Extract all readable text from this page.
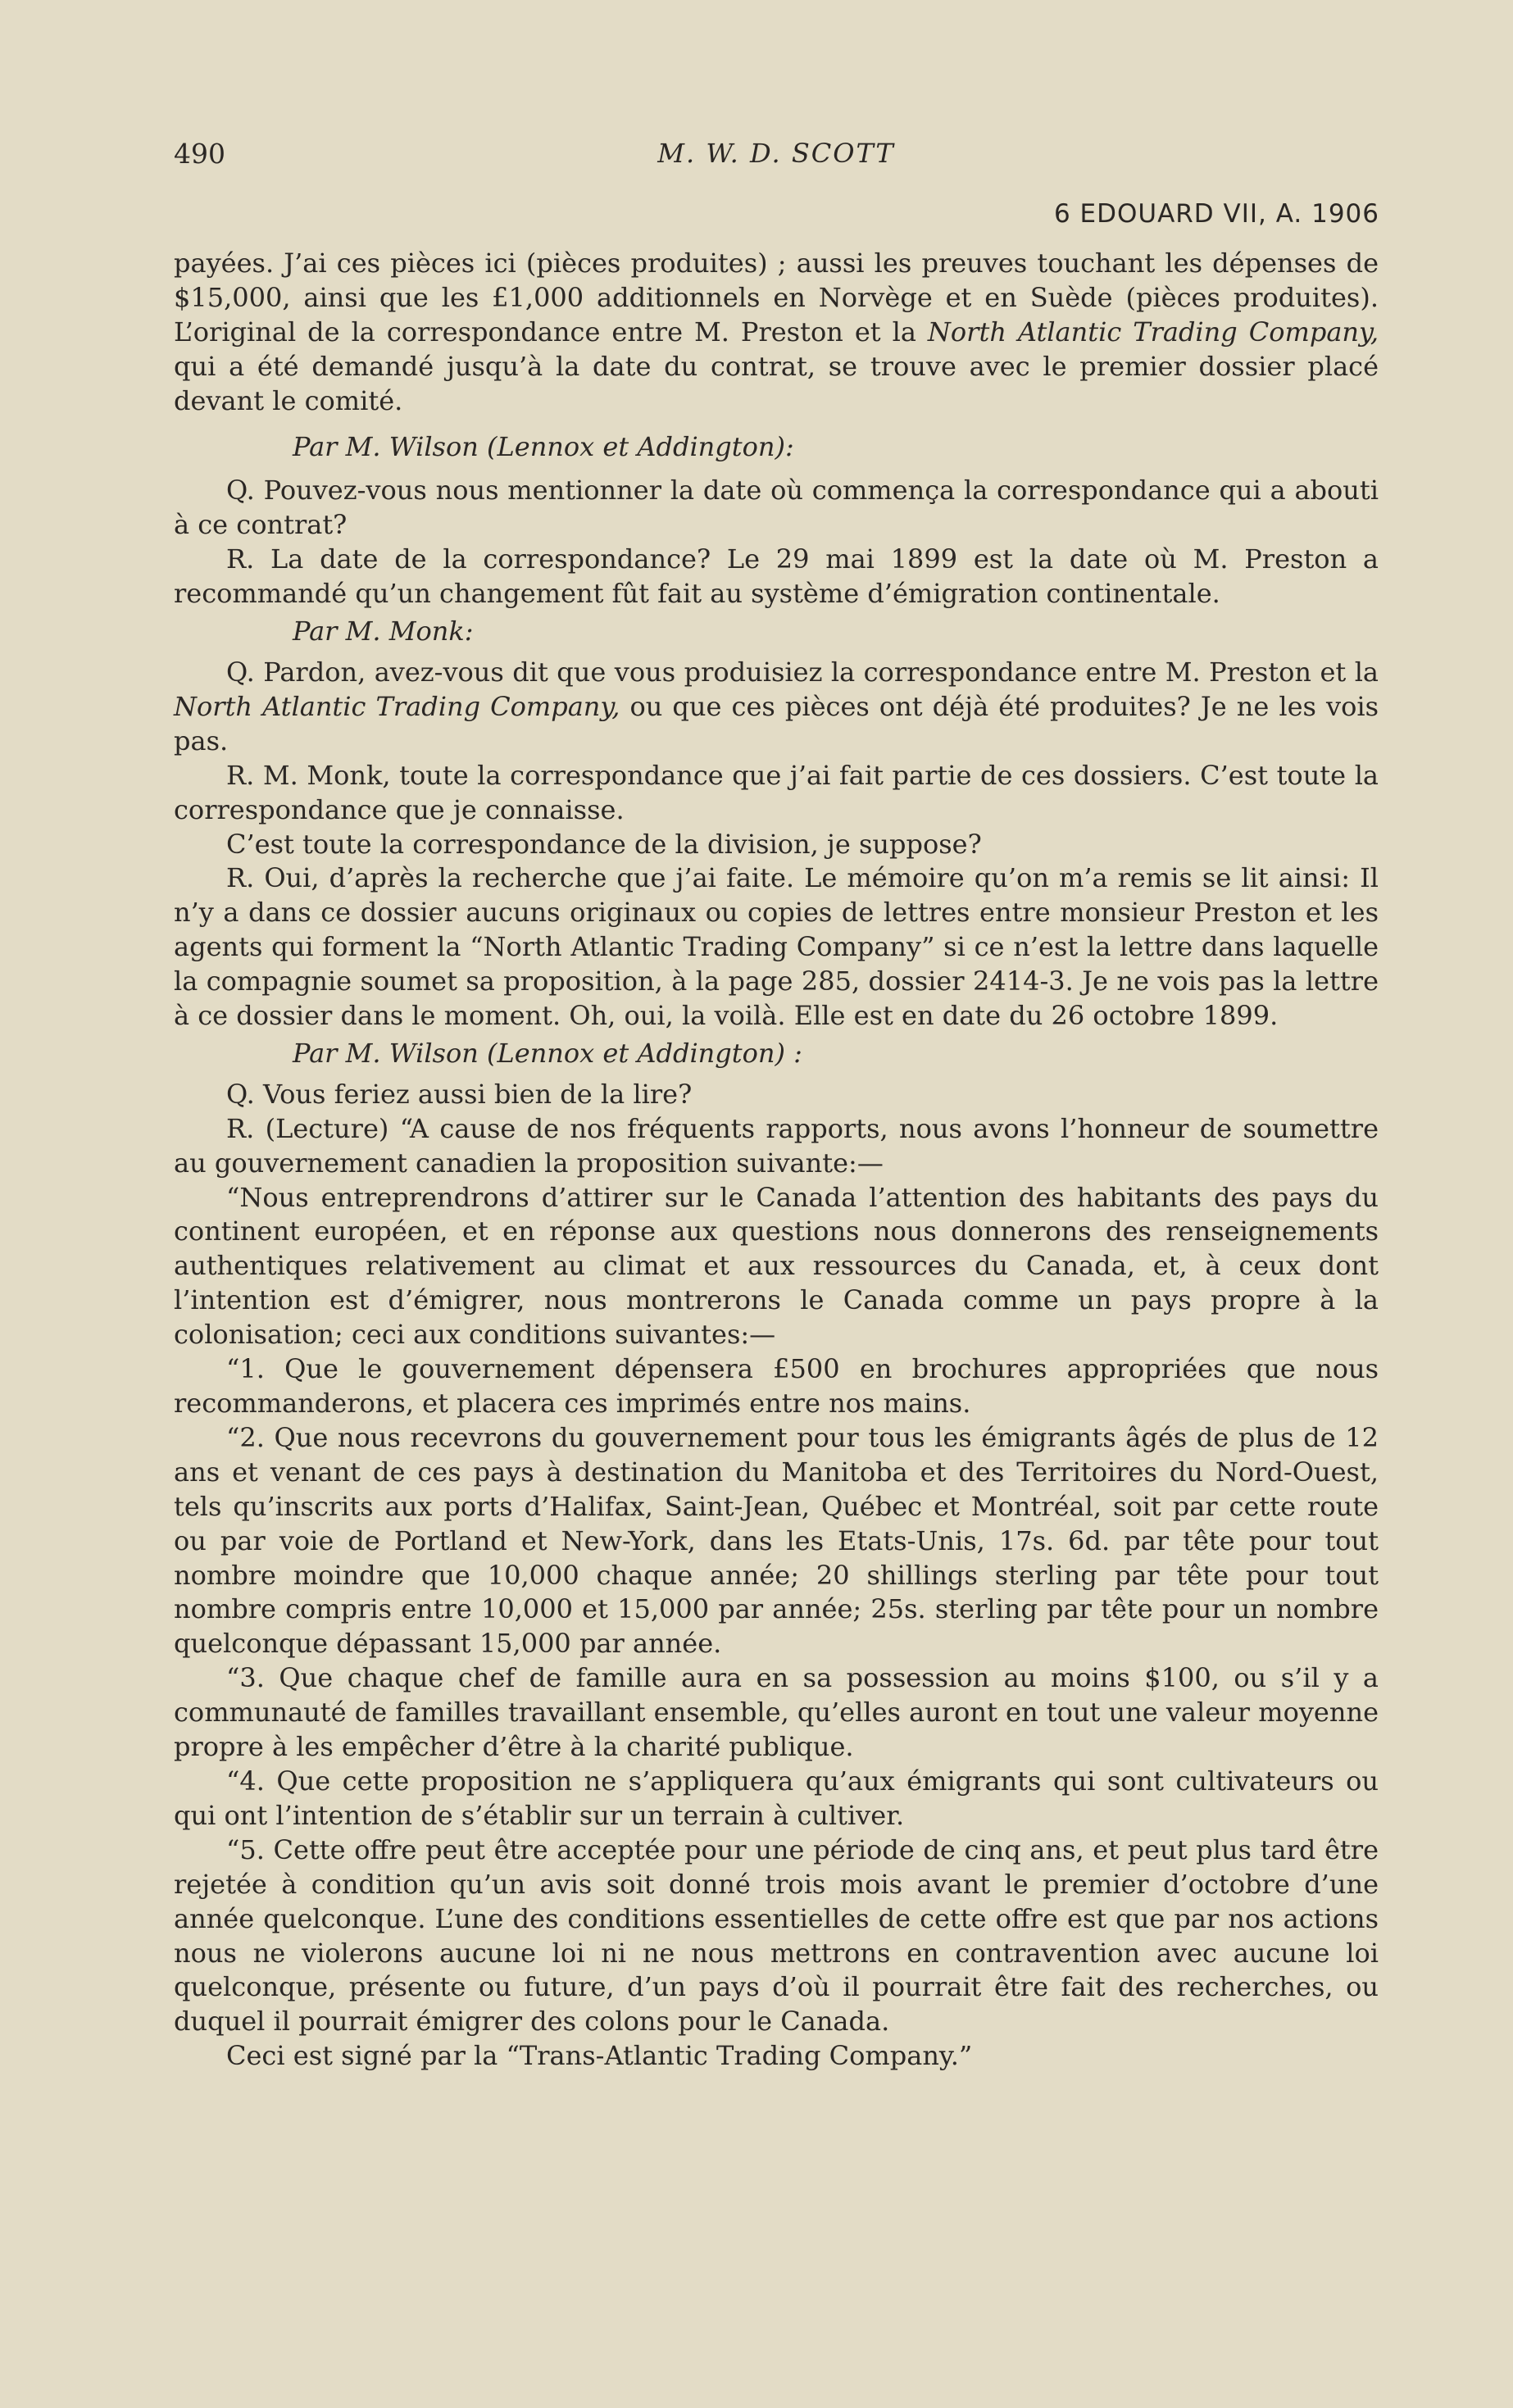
490	M. W. D. SCOTT
6 EDOUARD VII, A. 1906

payées. J’ai ces pièces ici (pièces produites) ; aussi les preuves touchant les dépenses de $15,000, ainsi que les £1,000 additionnels en Norvège et en Suède (pièces produites). L’original de la correspondance entre M. Preston et la North Atlantic Trading Company, qui a été demandé jusqu’à la date du contrat, se trouve avec le premier dossier placé devant le comité.

Par M. Wilson (Lennox et Addington):

Q. Pouvez-vous nous mentionner la date où commença la correspondance qui a abouti à ce contrat?

R. La date de la correspondance? Le 29 mai 1899 est la date où M. Preston a recommandé qu’un changement fût fait au système d’émigration continentale.

Par M. Monk:

Q. Pardon, avez-vous dit que vous produisiez la correspondance entre M. Preston et la North Atlantic Trading Company, ou que ces pièces ont déjà été produites? Je ne les vois pas.

R. M. Monk, toute la correspondance que j’ai fait partie de ces dossiers. C’est toute la correspondance que je connaisse.

C’est toute la correspondance de la division, je suppose?

R. Oui, d’après la recherche que j’ai faite. Le mémoire qu’on m’a remis se lit ainsi: Il n’y a dans ce dossier aucuns originaux ou copies de lettres entre monsieur Preston et les agents qui forment la “North Atlantic Trading Company” si ce n’est la lettre dans laquelle la compagnie soumet sa proposition, à la page 285, dossier 2414-3. Je ne vois pas la lettre à ce dossier dans le moment. Oh, oui, la voilà. Elle est en date du 26 octobre 1899.

Par M. Wilson (Lennox et Addington) :

Q. Vous feriez aussi bien de la lire?

R. (Lecture) “A cause de nos fréquents rapports, nous avons l’honneur de soumettre au gouvernement canadien la proposition suivante:—

“Nous entreprendrons d’attirer sur le Canada l’attention des habitants des pays du continent européen, et en réponse aux questions nous donnerons des renseignements authentiques relativement au climat et aux ressources du Canada, et, à ceux dont l’intention est d’émigrer, nous montrerons le Canada comme un pays propre à la colonisation; ceci aux conditions suivantes:—

“1. Que le gouvernement dépensera £500 en brochures appropriées que nous recommanderons, et placera ces imprimés entre nos mains.

“2. Que nous recevrons du gouvernement pour tous les émigrants âgés de plus de 12 ans et venant de ces pays à destination du Manitoba et des Territoires du Nord-Ouest, tels qu’inscrits aux ports d’Halifax, Saint-Jean, Québec et Montréal, soit par cette route ou par voie de Portland et New-York, dans les Etats-Unis, 17s. 6d. par tête pour tout nombre moindre que 10,000 chaque année; 20 shillings sterling par tête pour tout nombre compris entre 10,000 et 15,000 par année; 25s. sterling par tête pour un nombre quelconque dépassant 15,000 par année.

“3. Que chaque chef de famille aura en sa possession au moins $100, ou s’il y a communauté de familles travaillant ensemble, qu’elles auront en tout une valeur moyenne propre à les empêcher d’être à la charité publique.

“4. Que cette proposition ne s’appliquera qu’aux émigrants qui sont cultivateurs ou qui ont l’intention de s’établir sur un terrain à cultiver.

“5. Cette offre peut être acceptée pour une période de cinq ans, et peut plus tard être rejetée à condition qu’un avis soit donné trois mois avant le premier d’octobre d’une année quelconque. L’une des conditions essentielles de cette offre est que par nos actions nous ne violerons aucune loi ni ne nous mettrons en contravention avec aucune loi quelconque, présente ou future, d’un pays d’où il pourrait être fait des recherches, ou duquel il pourrait émigrer des colons pour le Canada.

Ceci est signé par la “Trans-Atlantic Trading Company.”
